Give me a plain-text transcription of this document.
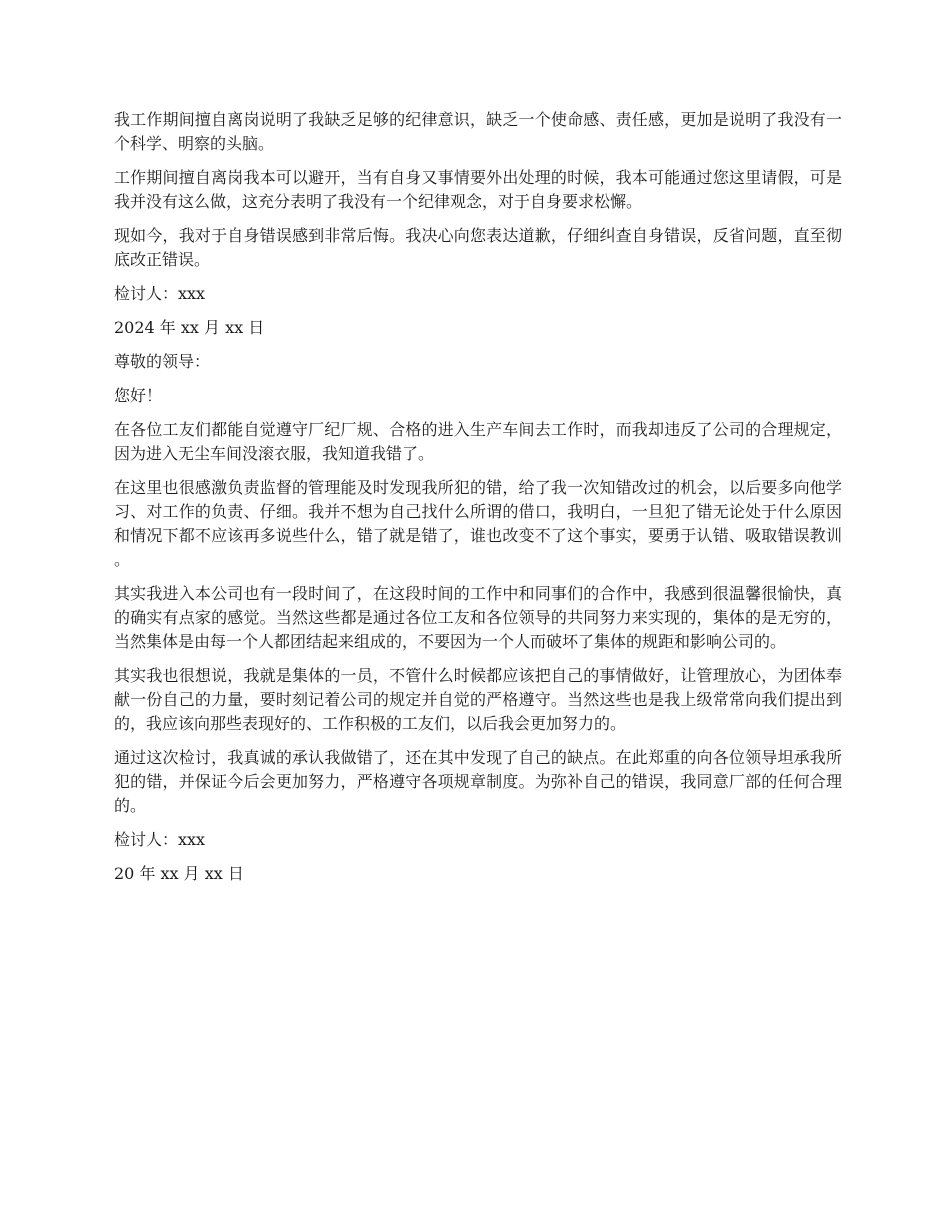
我工作期间擅自离岗说明了我缺乏足够的纪律意识，缺乏一个使命感、责任感，更加是说明了我没有一个科学、明察的头脑。

工作期间擅自离岗我本可以避开，当有自身又事情要外出处理的时候，我本可能通过您这里请假，可是我并没有这么做，这充分表明了我没有一个纪律观念，对于自身要求松懈。

现如今，我对于自身错误感到非常后悔。我决心向您表达道歉，仔细纠查自身错误，反省问题，直至彻底改正错误。

检讨人：xxx

2024 年 xx 月 xx 日

尊敬的领导：

您好！

在各位工友们都能自觉遵守厂纪厂规、合格的进入生产车间去工作时，而我却违反了公司的合理规定，因为进入无尘车间没滚衣服，我知道我错了。

在这里也很感激负责监督的管理能及时发现我所犯的错，给了我一次知错改过的机会，以后要多向他学习、对工作的负责、仔细。我并不想为自己找什么所谓的借口，我明白，一旦犯了错无论处于什么原因和情况下都不应该再多说些什么，错了就是错了，谁也改变不了这个事实，要勇于认错、吸取错误教训。

其实我进入本公司也有一段时间了，在这段时间的工作中和同事们的合作中，我感到很温馨很愉快，真的确实有点家的感觉。当然这些都是通过各位工友和各位领导的共同努力来实现的，集体的是无穷的，当然集体是由每一个人都团结起来组成的，不要因为一个人而破坏了集体的规距和影响公司的。

其实我也很想说，我就是集体的一员，不管什么时候都应该把自己的事情做好，让管理放心，为团体奉献一份自己的力量，要时刻记着公司的规定并自觉的严格遵守。当然这些也是我上级常常向我们提出到的，我应该向那些表现好的、工作积极的工友们，以后我会更加努力的。

通过这次检讨，我真诚的承认我做错了，还在其中发现了自己的缺点。在此郑重的向各位领导坦承我所犯的错，并保证今后会更加努力，严格遵守各项规章制度。为弥补自己的错误，我同意厂部的任何合理的。

检讨人：xxx

20 年 xx 月 xx 日
